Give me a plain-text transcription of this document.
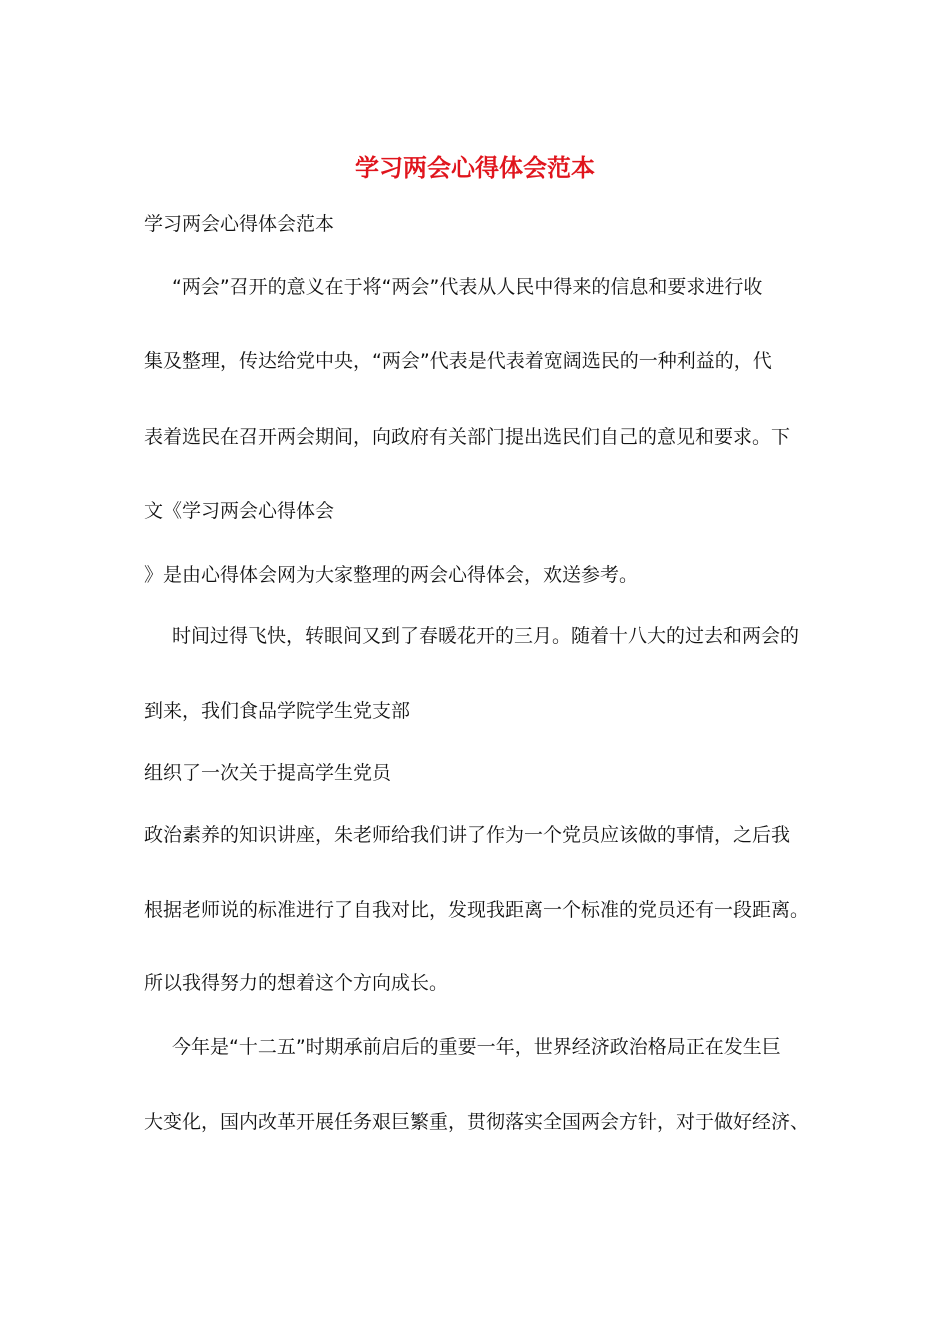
学习两会心得体会范本

学习两会心得体会范本

“两会”召开的意义在于将“两会”代表从人民中得来的信息和要求进行收

集及整理，传达给党中央，“两会”代表是代表着宽阔选民的一种利益的，代

表着选民在召开两会期间，向政府有关部门提出选民们自己的意见和要求。下

文《学习两会心得体会

》是由心得体会网为大家整理的两会心得体会，欢送参考。

时间过得飞快，转眼间又到了春暖花开的三月。随着十八大的过去和两会的

到来，我们食品学院学生党支部

组织了一次关于提高学生党员

政治素养的知识讲座，朱老师给我们讲了作为一个党员应该做的事情，之后我

根据老师说的标准进行了自我对比，发现我距离一个标准的党员还有一段距离。

所以我得努力的想着这个方向成长。

今年是“十二五”时期承前启后的重要一年，世界经济政治格局正在发生巨

大变化，国内改革开展任务艰巨繁重，贯彻落实全国两会方针，对于做好经济、
